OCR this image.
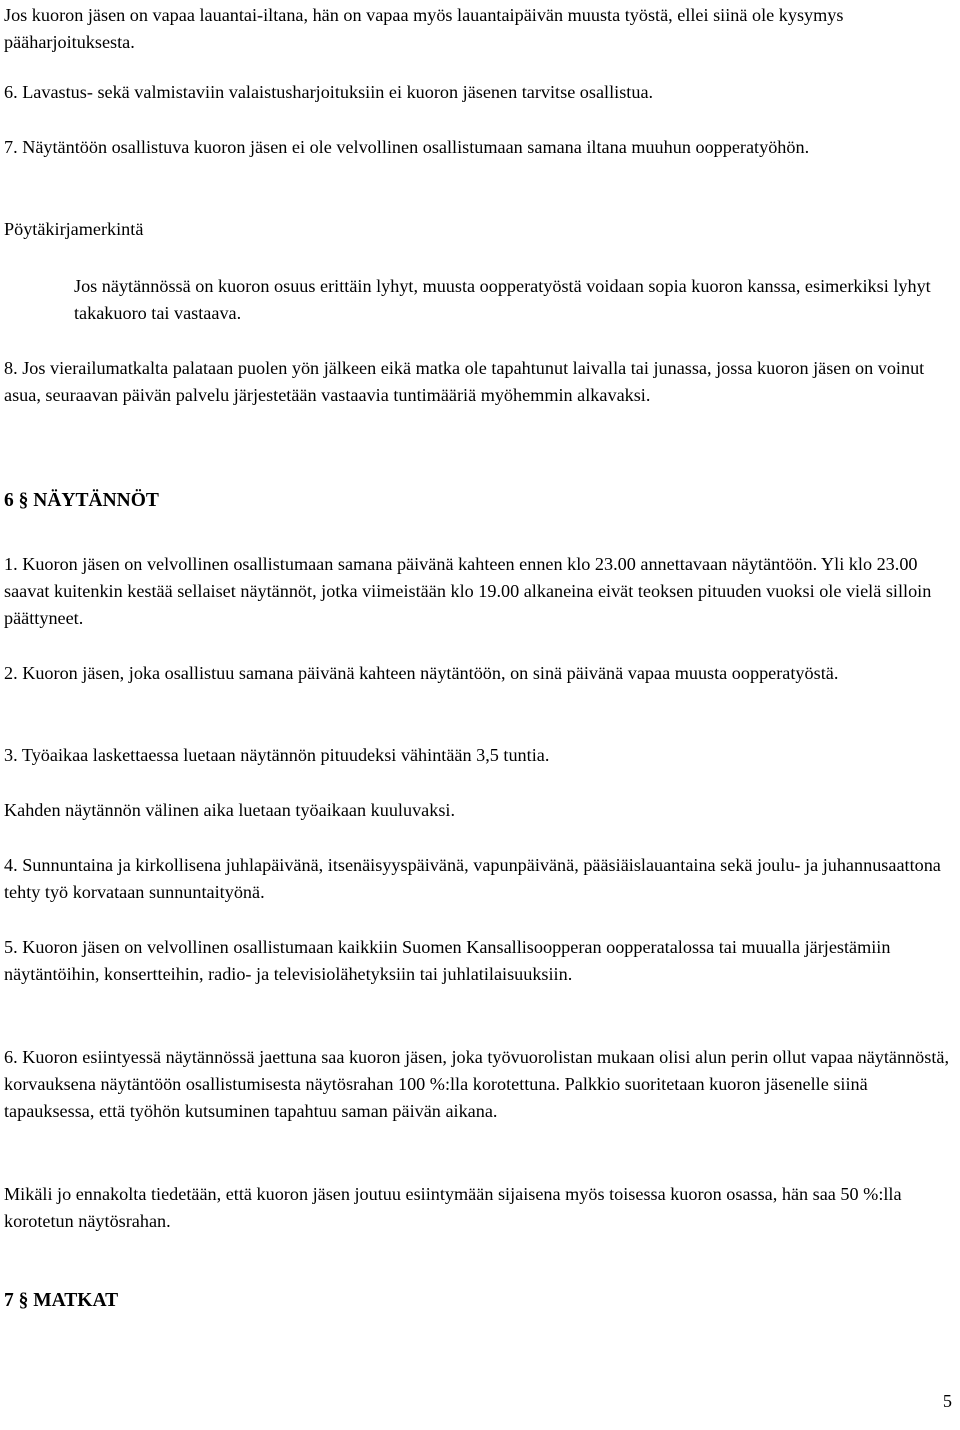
Jos kuoron jäsen on vapaa lauantai-iltana, hän on vapaa myös lauantaipäivän muusta työstä, ellei siinä ole kysymys pääharjoituksesta.

6. Lavastus- sekä valmistaviin valaistusharjoituksiin ei kuoron jäsenen tarvitse osallistua.

7. Näytäntöön osallistuva kuoron jäsen ei ole velvollinen osallistumaan samana iltana muuhun oopperatyöhön.

Pöytäkirjamerkintä

Jos näytännössä on kuoron osuus erittäin lyhyt, muusta oopperatyöstä voidaan sopia kuoron kanssa, esimerkiksi lyhyt takakuoro tai vastaava.

8. Jos vierailumatkalta palataan puolen yön jälkeen eikä matka ole tapahtunut laivalla tai junassa, jossa kuoron jäsen on voinut asua, seuraavan päivän palvelu järjestetään vastaavia tuntimääriä myöhemmin alkavaksi.

6 § NÄYTÄNNÖT

1. Kuoron jäsen on velvollinen osallistumaan samana päivänä kahteen ennen klo 23.00 annettavaan näytäntöön. Yli klo 23.00 saavat kuitenkin kestää sellaiset näytännöt, jotka viimeistään klo 19.00 alkaneina eivät teoksen pituuden vuoksi ole vielä silloin päättyneet.

2. Kuoron jäsen, joka osallistuu samana päivänä kahteen näytäntöön, on sinä päivänä vapaa muusta oopperatyöstä.

3. Työaikaa laskettaessa luetaan näytännön pituudeksi vähintään 3,5 tuntia.

Kahden näytännön välinen aika luetaan työaikaan kuuluvaksi.

4. Sunnuntaina ja kirkollisena juhlapäivänä, itsenäisyyspäivänä, vapunpäivänä, pääsiäislauantaina sekä joulu- ja juhannusaattona tehty työ korvataan sunnuntaityönä.

5. Kuoron jäsen on velvollinen osallistumaan kaikkiin Suomen Kansallisoopperan oopperatalossa tai muualla järjestämiin näytäntöihin, konsertteihin, radio- ja televisiolähetyksiin tai juhlatilaisuuksiin.

6. Kuoron esiintyessä näytännössä jaettuna saa kuoron jäsen, joka työvuorolistan mukaan olisi alun perin ollut vapaa näytännöstä, korvauksena näytäntöön osallistumisesta näytösrahan 100 %:lla korotettuna. Palkkio suoritetaan kuoron jäsenelle siinä tapauksessa, että työhön kutsuminen tapahtuu saman päivän aikana.

Mikäli jo ennakolta tiedetään, että kuoron jäsen joutuu esiintymään sijaisena myös toisessa kuoron osassa, hän saa 50 %:lla korotetun näytösrahan.

7 § MATKAT

5
